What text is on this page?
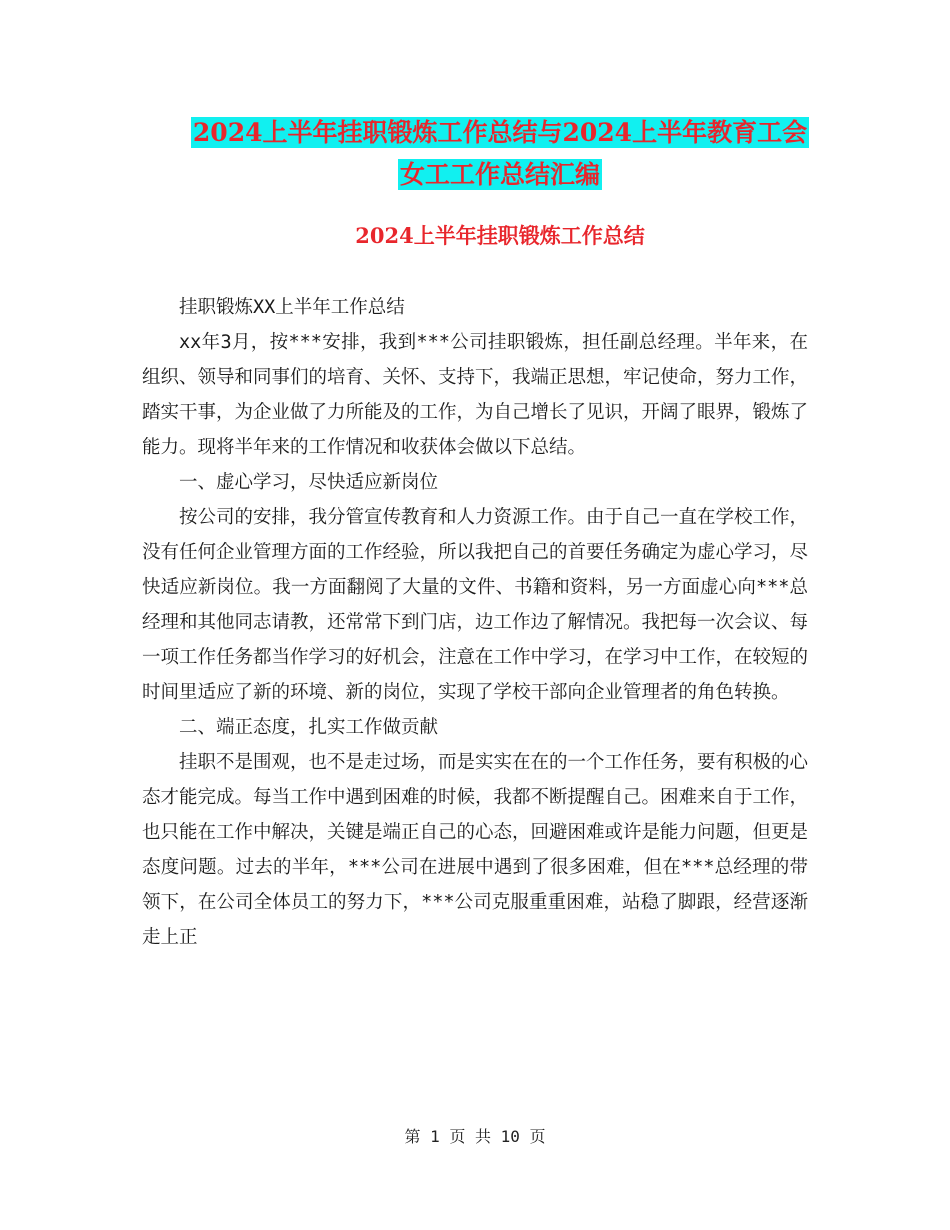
2024上半年挂职锻炼工作总结与2024上半年教育工会
女工工作总结汇编
2024上半年挂职锻炼工作总结

挂职锻炼XX上半年工作总结

xx年3月，按***安排，我到***公司挂职锻炼，担任副总经理。半年来，在组织、领导和同事们的培育、关怀、支持下，我端正思想，牢记使命，努力工作，踏实干事，为企业做了力所能及的工作，为自己增长了见识，开阔了眼界，锻炼了能力。现将半年来的工作情况和收获体会做以下总结。

一、虚心学习，尽快适应新岗位

按公司的安排，我分管宣传教育和人力资源工作。由于自己一直在学校工作，没有任何企业管理方面的工作经验，所以我把自己的首要任务确定为虚心学习，尽快适应新岗位。我一方面翻阅了大量的文件、书籍和资料，另一方面虚心向***总经理和其他同志请教，还常常下到门店，边工作边了解情况。我把每一次会议、每一项工作任务都当作学习的好机会，注意在工作中学习，在学习中工作，在较短的时间里适应了新的环境、新的岗位，实现了学校干部向企业管理者的角色转换。

二、端正态度，扎实工作做贡献

挂职不是围观，也不是走过场，而是实实在在的一个工作任务，要有积极的心态才能完成。每当工作中遇到困难的时候，我都不断提醒自己。困难来自于工作，也只能在工作中解决，关键是端正自己的心态，回避困难或许是能力问题，但更是态度问题。过去的半年，***公司在进展中遇到了很多困难，但在***总经理的带领下，在公司全体员工的努力下，***公司克服重重困难，站稳了脚跟，经营逐渐走上正

第 1 页 共 10 页
